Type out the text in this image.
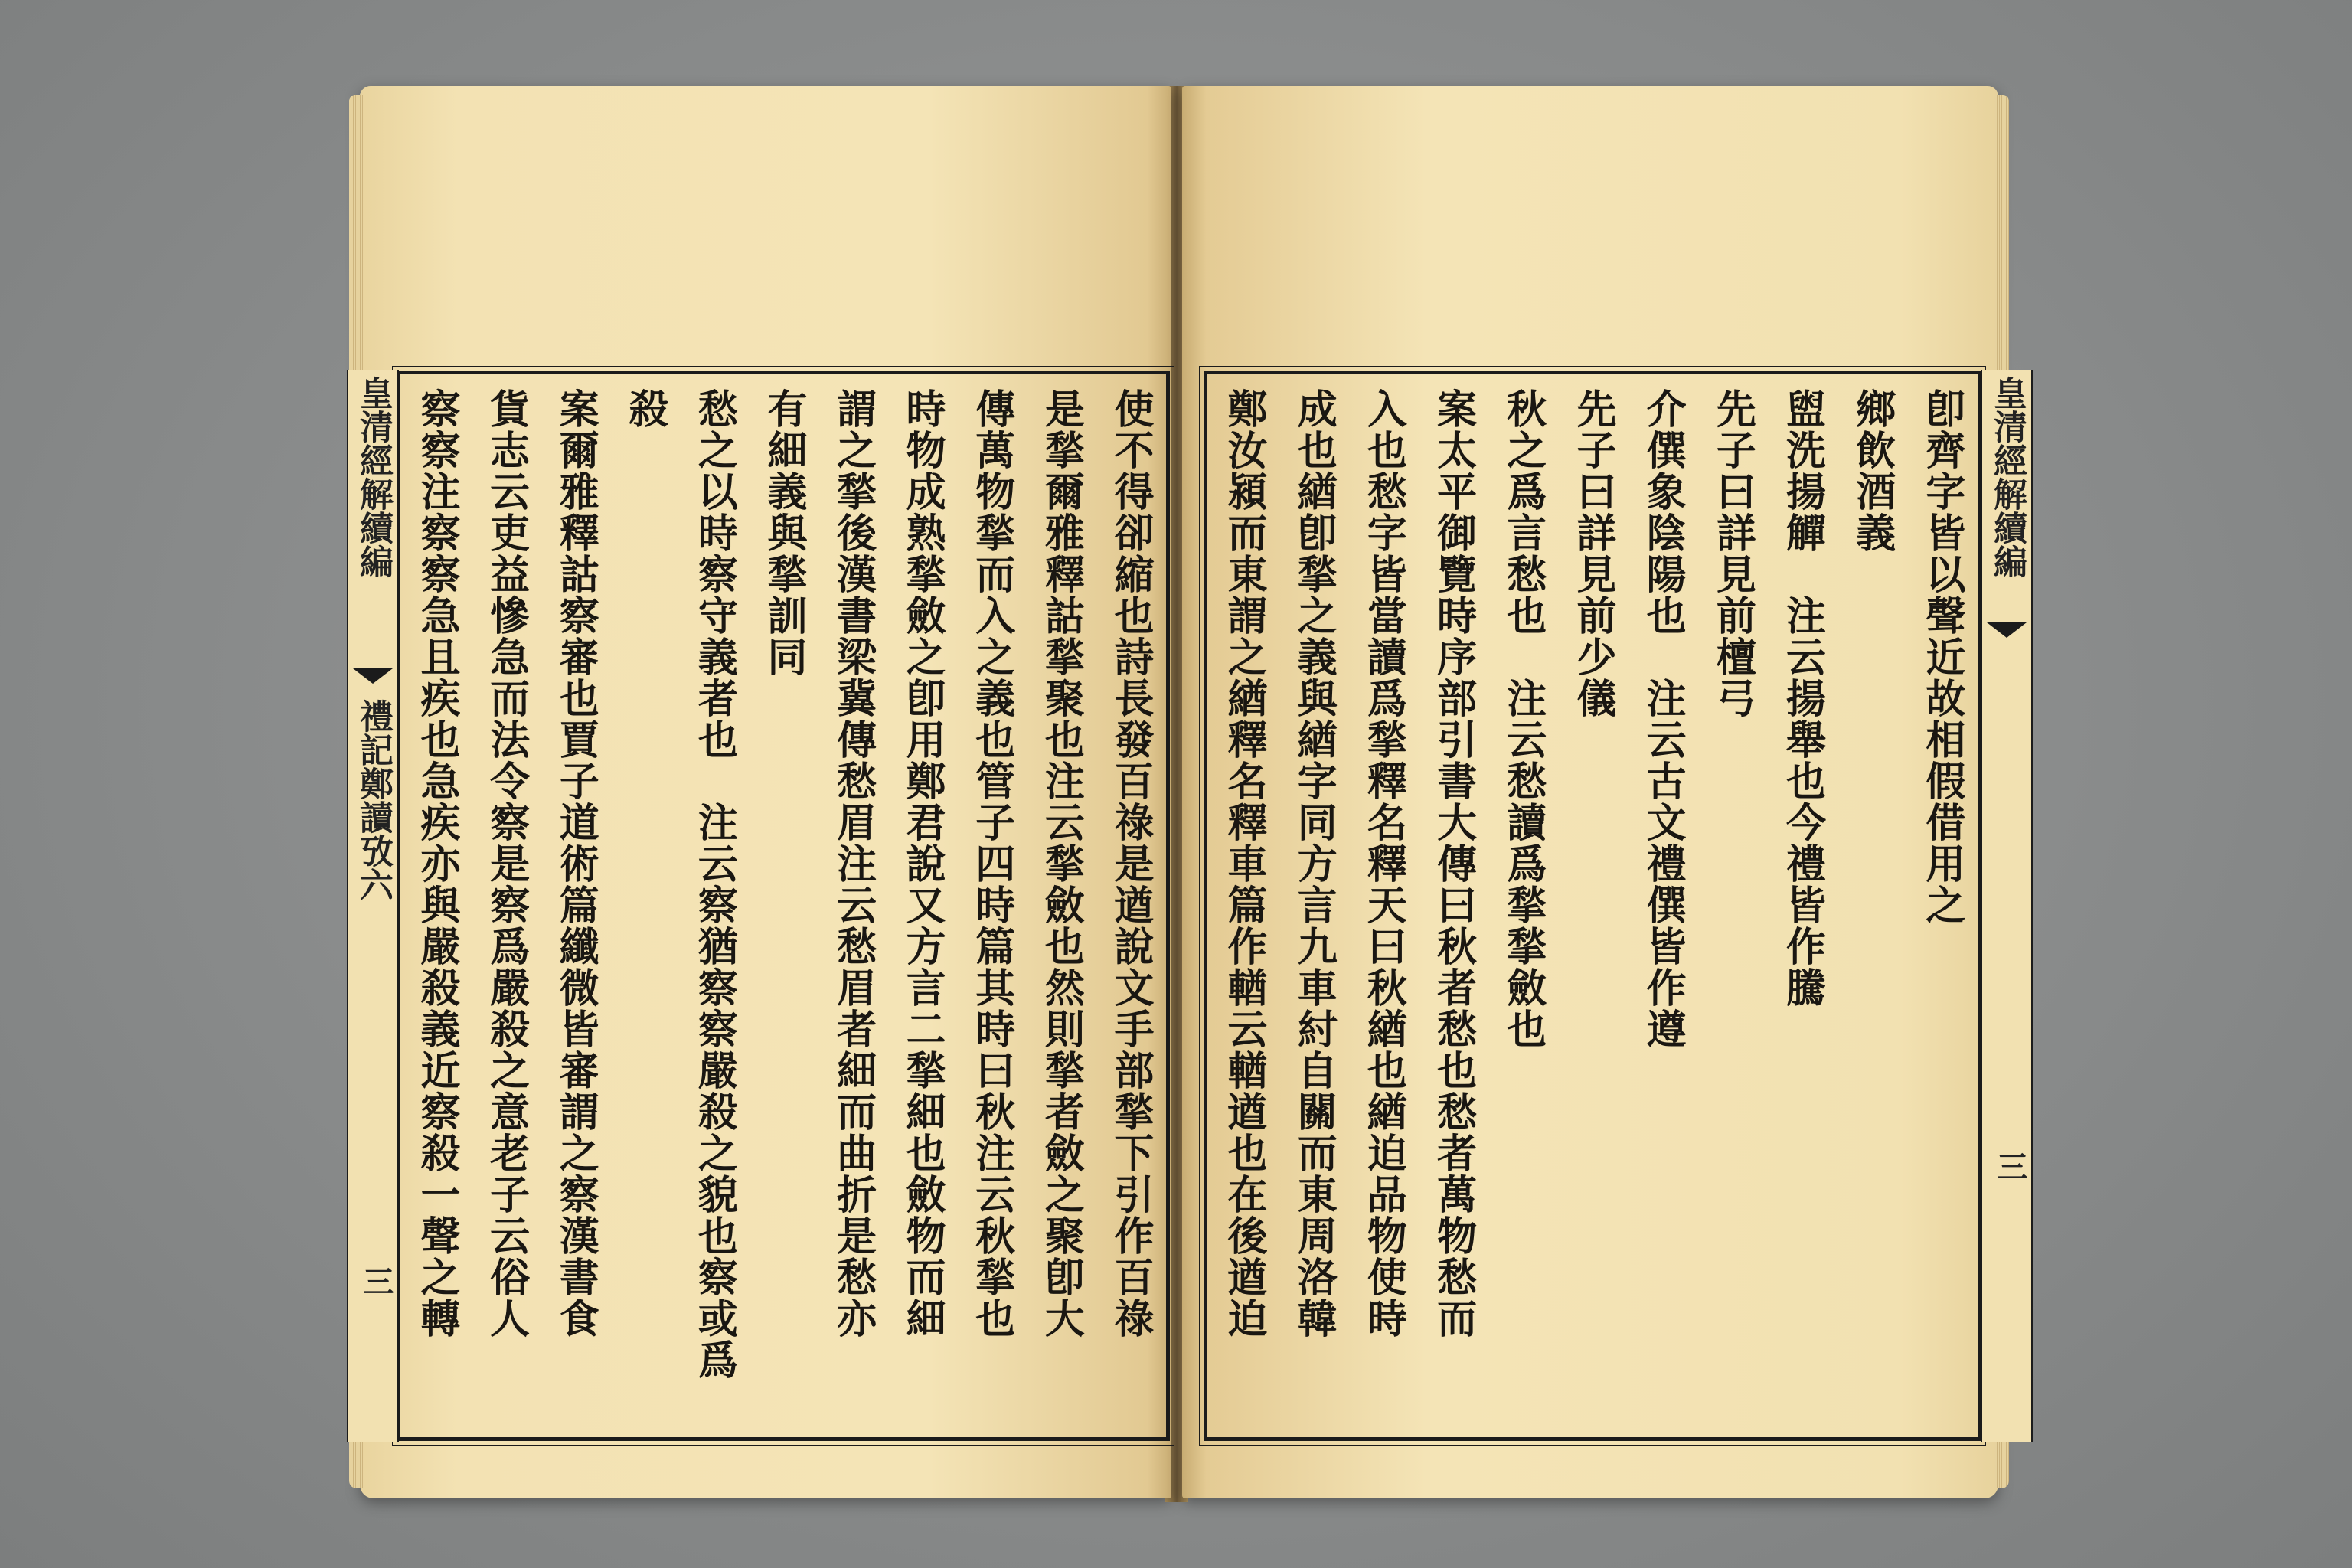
皇清經解續編
禮記鄭讀攷六
三	使不得卻縮也詩長發百祿是遒說文手部揫下引作百祿
是揫爾雅釋詁揫聚也注云揫斂也然則揫者斂之聚卽大
傳萬物揫而入之義也管子四時篇其時曰秋注云秋揫也
時物成熟揫斂之卽用鄭君說又方言二揫細也斂物而細
謂之揫後漢書梁冀傳愁眉注云愁眉者細而曲折是愁亦
有細義與揫訓同
愁之以時察守義者也　注云察猶察察嚴殺之貌也察或爲
殺
案爾雅釋詁察審也賈子道術篇纖微皆審謂之察漢書食
貨志云吏益慘急而法令察是察爲嚴殺之意老子云俗人
察察注察察急且疾也急疾亦與嚴殺義近察殺一聲之轉	皇清經解續編
三
卽齊字皆以聲近故相假借用之
鄉飲酒義
盥洗揚觶　注云揚舉也今禮皆作騰
先子曰詳見前檀弓
介僎象陰陽也　注云古文禮僎皆作遵
先子曰詳見前少儀
秋之爲言愁也　注云愁讀爲揫揫斂也
案太平御覽時序部引書大傳曰秋者愁也愁者萬物愁而
入也愁字皆當讀爲揫釋名釋天曰秋緧也緧迫品物使時
成也緧卽揫之義與緧字同方言九車紂自關而東周洛韓
鄭汝潁而東謂之緧釋名釋車篇作輶云輶遒也在後遒迫
